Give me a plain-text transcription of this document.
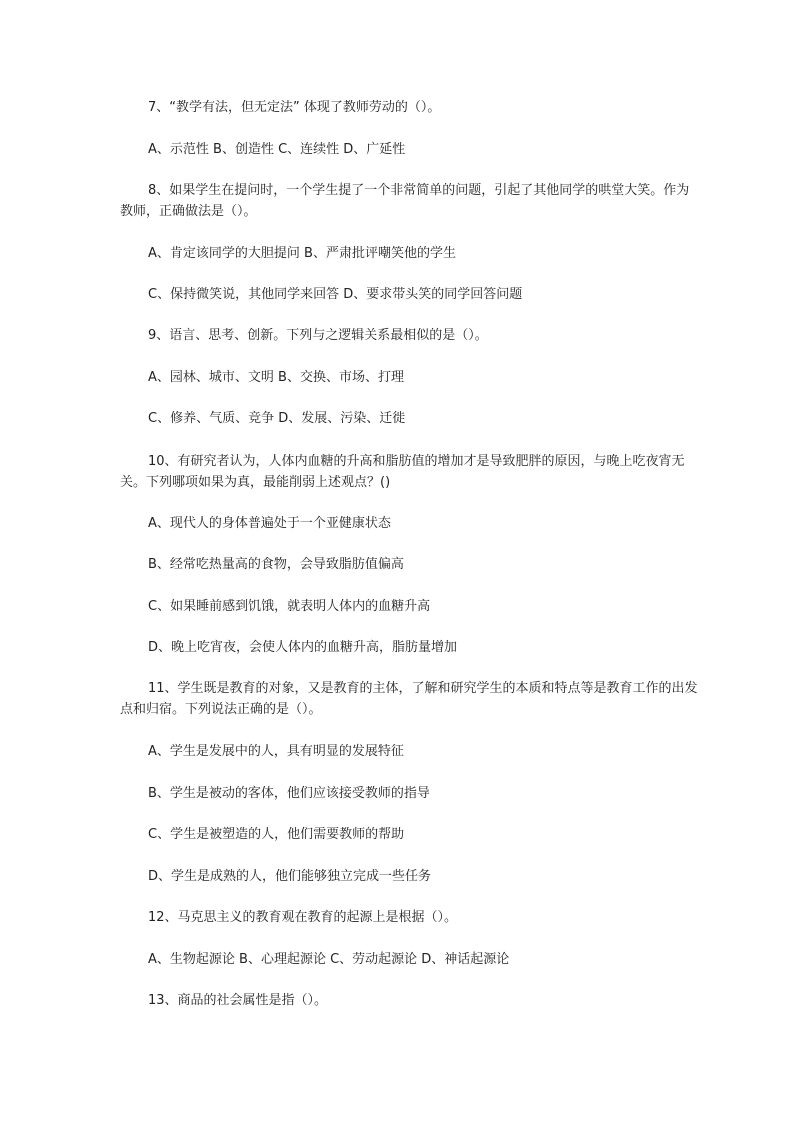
7、“教学有法，但无定法” 体现了教师劳动的（）。

A、示范性 B、创造性 C、连续性 D、广延性

8、如果学生在提问时，一个学生提了一个非常简单的问题，引起了其他同学的哄堂大笑。作为教师，正确做法是（）。

A、肯定该同学的大胆提问 B、严肃批评嘲笑他的学生

C、保持微笑说，其他同学来回答 D、要求带头笑的同学回答问题

9、语言、思考、创新。下列与之逻辑关系最相似的是（）。

A、园林、城市、文明 B、交换、市场、打理

C、修养、气质、竞争 D、发展、污染、迁徙

10、有研究者认为，人体内血糖的升高和脂肪值的增加才是导致肥胖的原因，与晚上吃夜宵无关。下列哪项如果为真，最能削弱上述观点？()

A、现代人的身体普遍处于一个亚健康状态

B、经常吃热量高的食物，会导致脂肪值偏高

C、如果睡前感到饥饿，就表明人体内的血糖升高

D、晚上吃宵夜，会使人体内的血糖升高，脂肪量增加

11、学生既是教育的对象，又是教育的主体，了解和研究学生的本质和特点等是教育工作的出发点和归宿。下列说法正确的是（）。

A、学生是发展中的人，具有明显的发展特征

B、学生是被动的客体，他们应该接受教师的指导

C、学生是被塑造的人，他们需要教师的帮助

D、学生是成熟的人，他们能够独立完成一些任务

12、马克思主义的教育观在教育的起源上是根据（）。

A、生物起源论 B、心理起源论 C、劳动起源论 D、神话起源论

13、商品的社会属性是指（）。
